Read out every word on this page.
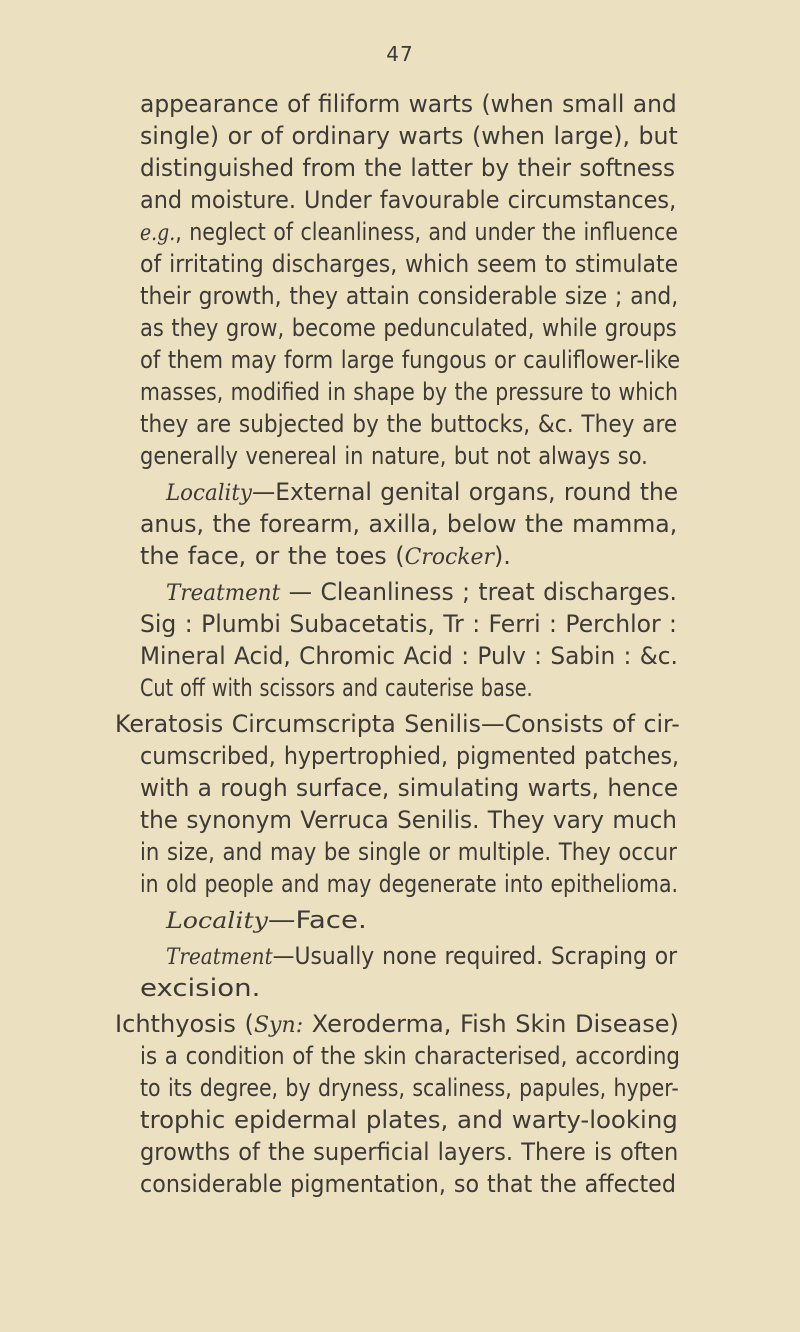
47
appearance of filiform warts (when small and
single) or of ordinary warts (when large), but
distinguished from the latter by their softness
and moisture. Under favourable circumstances,
e.g., neglect of cleanliness, and under the influence
of irritating discharges, which seem to stimulate
their growth, they attain considerable size ; and,
as they grow, become pedunculated, while groups
of them may form large fungous or cauliflower-like
masses, modified in shape by the pressure to which
they are subjected by the buttocks, &c. They are
generally venereal in nature, but not always so.
Locality—External genital organs, round the
anus, the forearm, axilla, below the mamma,
the face, or the toes (Crocker).
Treatment — Cleanliness ; treat discharges.
Sig : Plumbi Subacetatis, Tr : Ferri : Perchlor :
Mineral Acid, Chromic Acid : Pulv : Sabin : &c.
Cut off with scissors and cauterise base.
Keratosis Circumscripta Senilis—Consists of cir-
cumscribed, hypertrophied, pigmented patches,
with a rough surface, simulating warts, hence
the synonym Verruca Senilis. They vary much
in size, and may be single or multiple. They occur
in old people and may degenerate into epithelioma.
Locality—Face.
Treatment—Usually none required. Scraping or
excision.
Ichthyosis (Syn: Xeroderma, Fish Skin Disease)
is a condition of the skin characterised, according
to its degree, by dryness, scaliness, papules, hyper-
trophic epidermal plates, and warty-looking
growths of the superficial layers. There is often
considerable pigmentation, so that the affected
